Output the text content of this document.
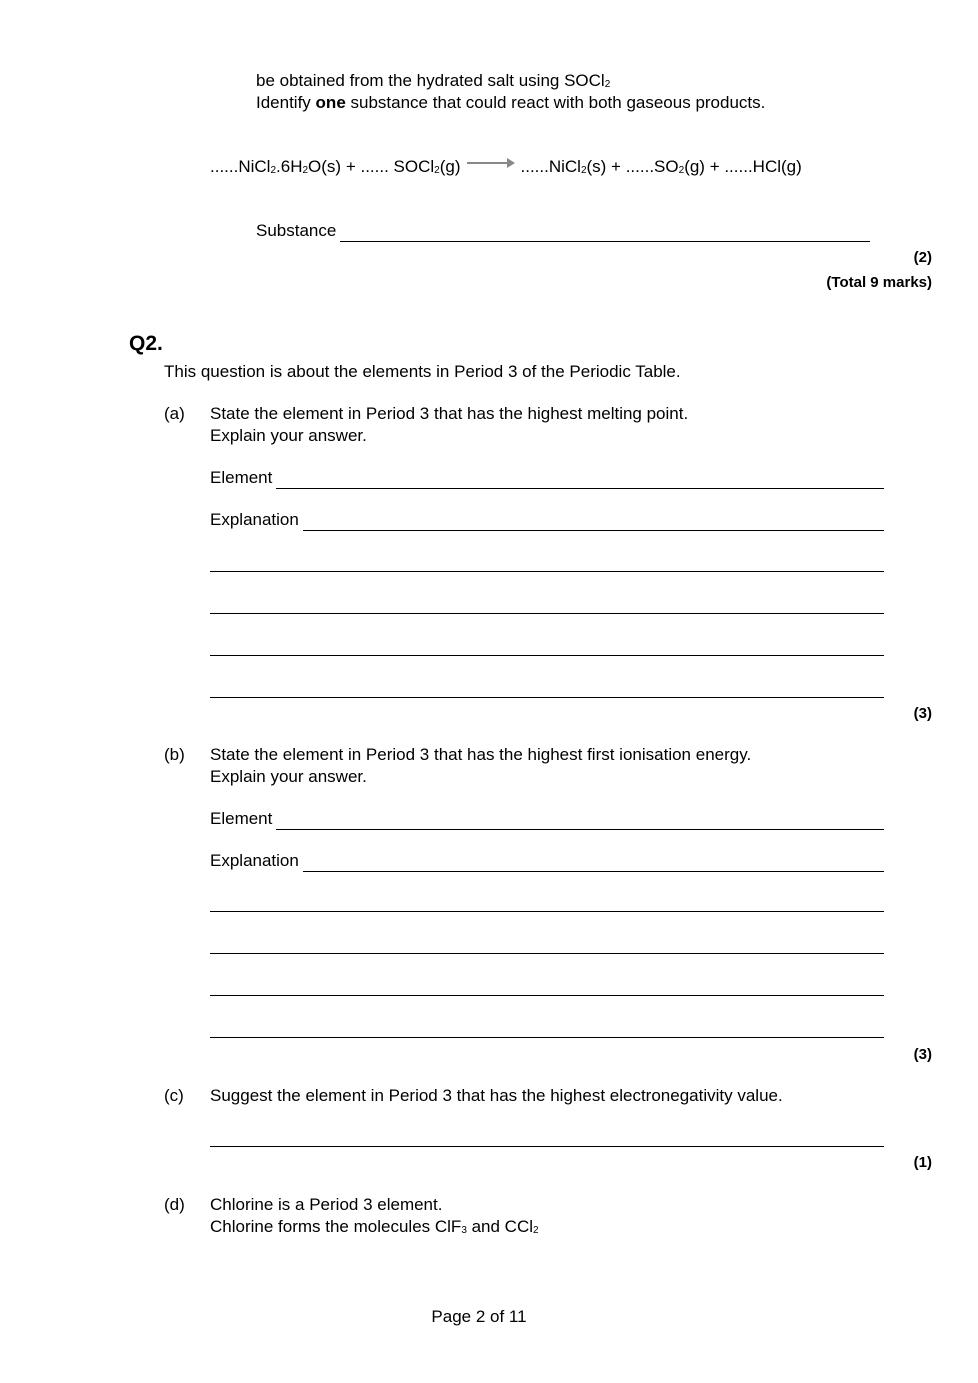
be obtained from the hydrated salt using SOCl$_2$
Identify one substance that could react with both gaseous products.
$......NiCl_2.6H_2O(s)$ + ...... SOCl$_2$(g)	......NiCl$_2$(s) + $......SO_2(g) + ......HCl(g)$
Substance
(2)
(Total 9 marks)
Q2.
This question is about the elements in Period 3 of the Periodic Table.
(a) State the element in Period 3 that has the highest melting point.
Explain your answer.
Element
Explanation
(3)
(b) State the element in Period 3 that has the highest first ionisation energy.
Explain your answer.
Element
Explanation
(3)
(c) Suggest the element in Period 3 that has the highest electronegativity value.
(1)
(d) Chlorine is a Period 3 element.
Chlorine forms the molecules ClF$_3$ and CCl$_2$
Page 2 of 11
